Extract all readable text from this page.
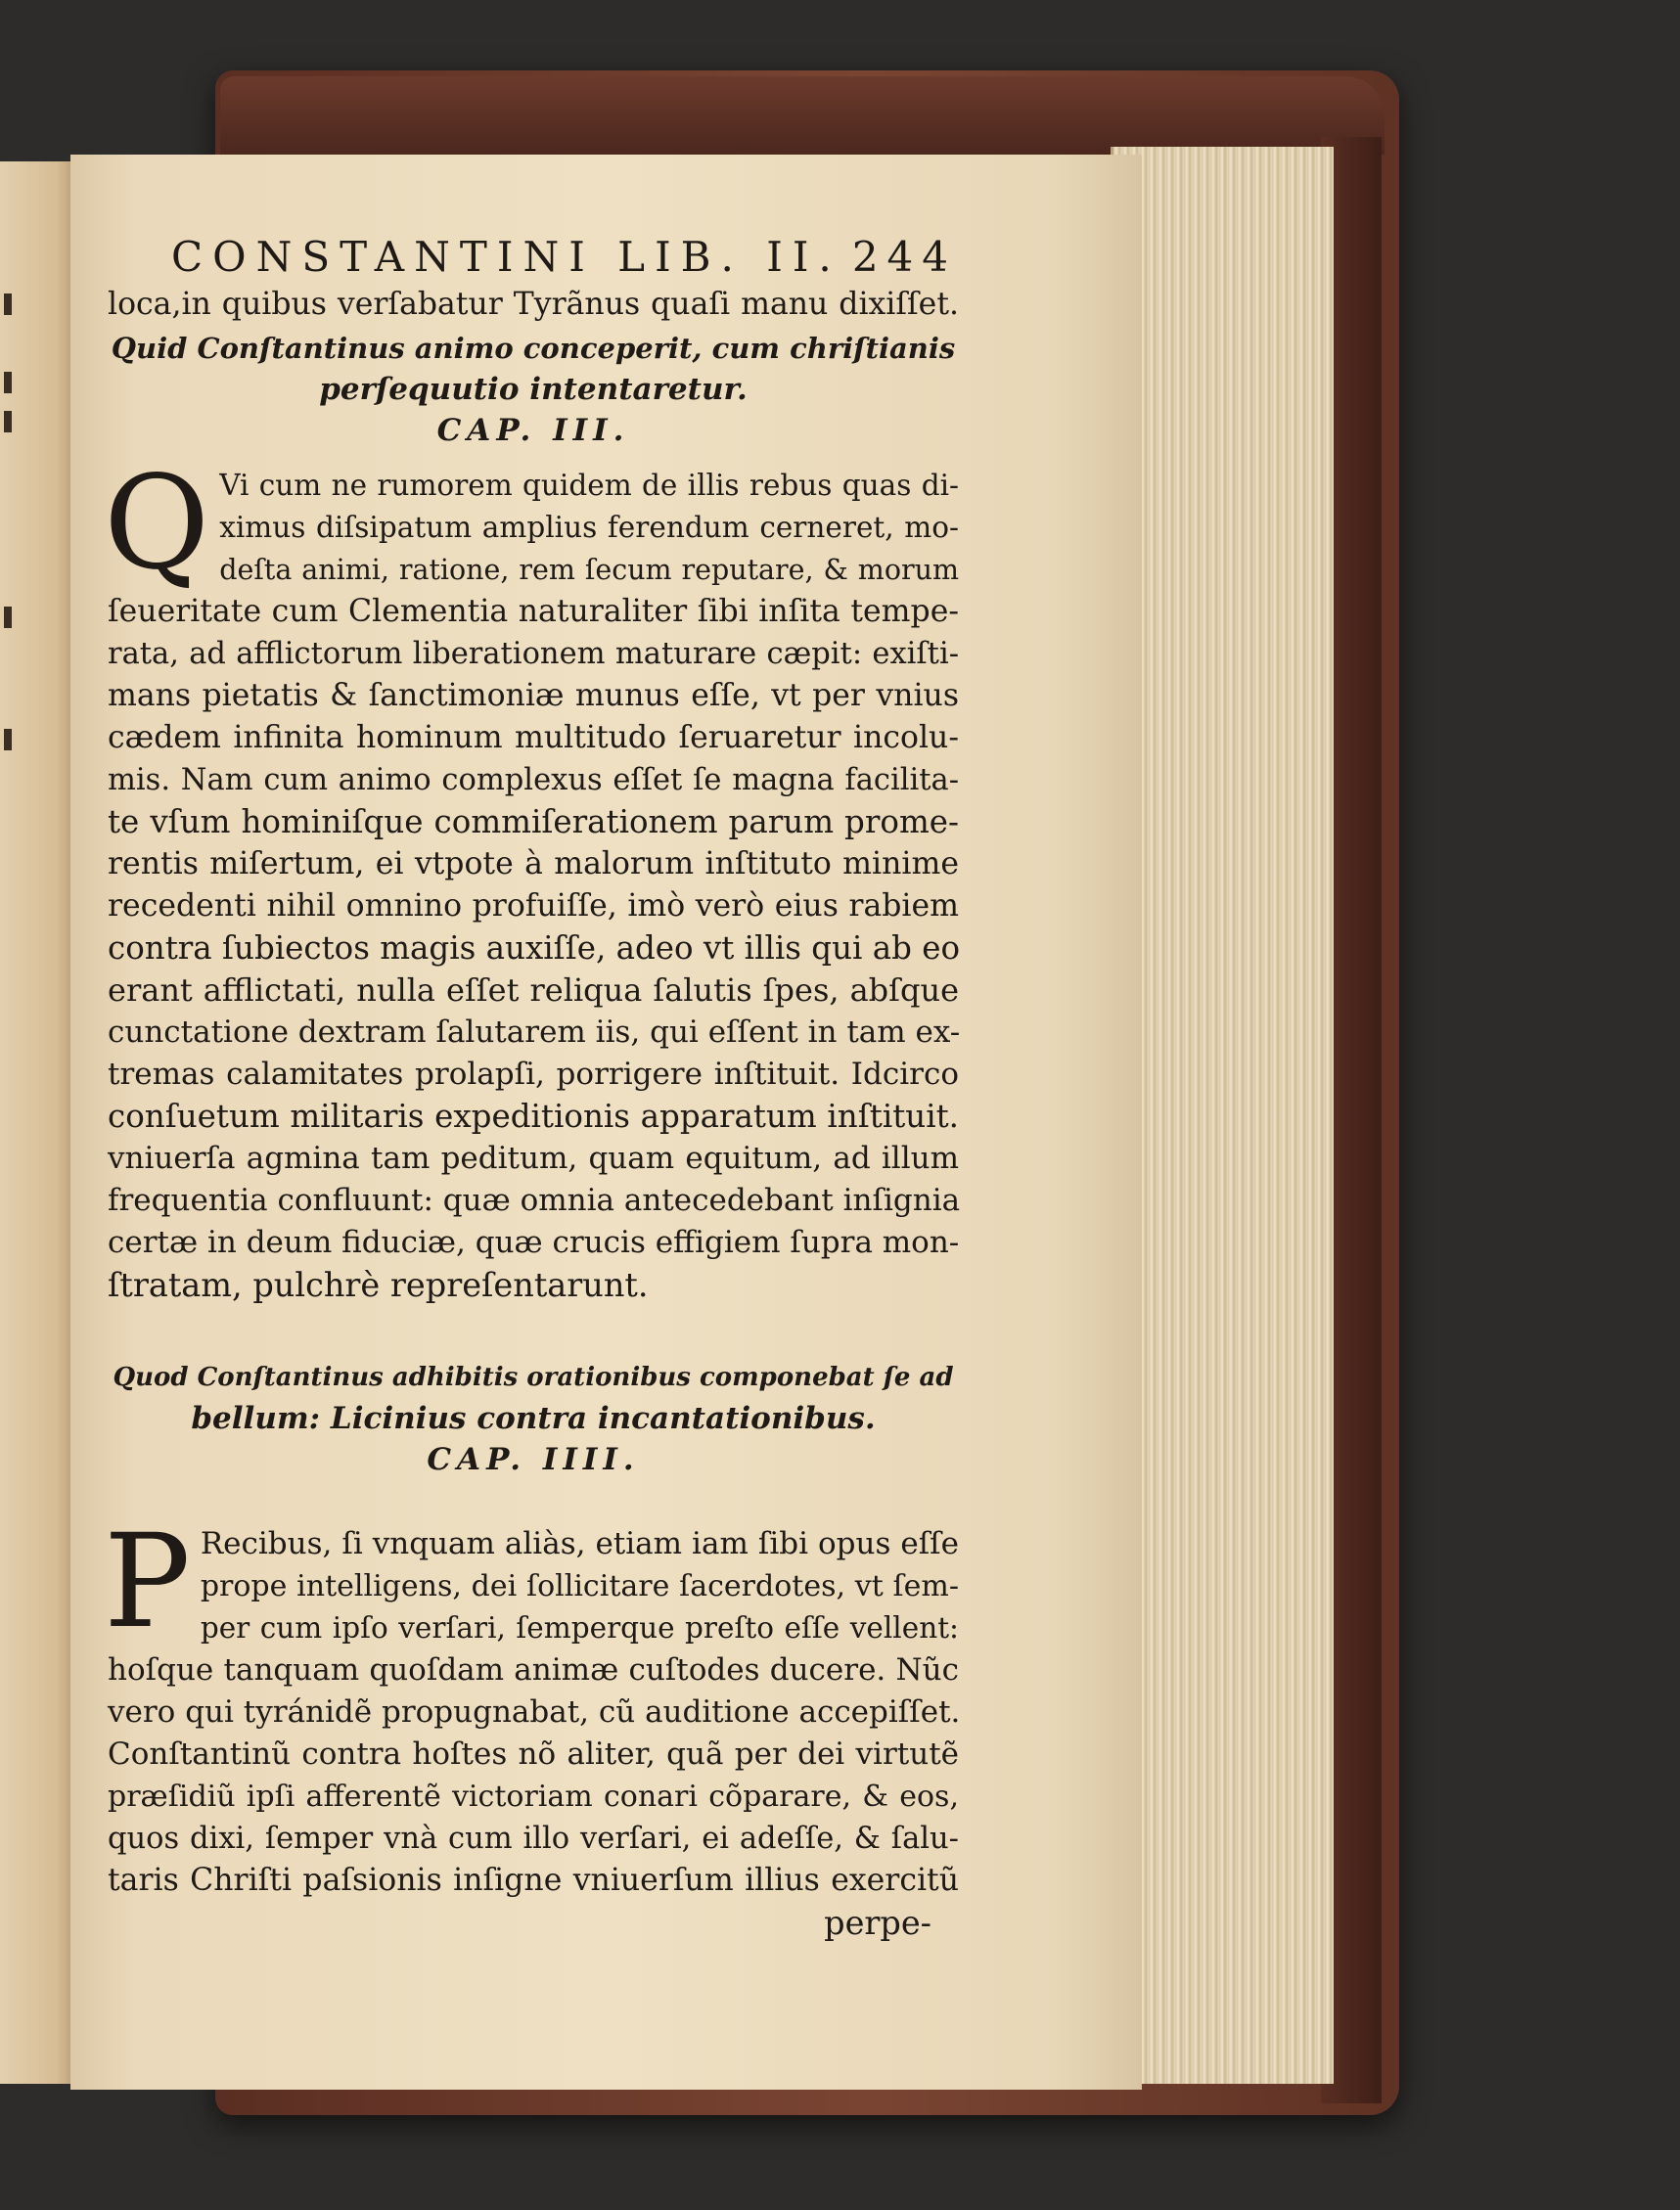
CONSTANTINI LIB. II. 244
loca,in quibus verſabatur Tyrãnus quaſi manu dixiſſet.
Quid Conſtantinus animo conceperit, cum chriſtianis
perſequutio intentaretur.
CAP. III.
Q Vi cum ne rumorem quidem de illis rebus quas di-
ximus diſsipatum amplius ferendum cerneret, mo-
deſta animi, ratione, rem ſecum reputare, & morum
ſeueritate cum Clementia naturaliter ſibi inſita tempe-
rata, ad afflictorum liberationem maturare cæpit: exiſti-
mans pietatis & ſanctimoniæ munus eſſe, vt per vnius
cædem infinita hominum multitudo ſeruaretur incolu-
mis. Nam cum animo complexus eſſet ſe magna facilita-
te vſum hominiſque commiſerationem parum prome-
rentis miſertum, ei vtpote à malorum inſtituto minime
recedenti nihil omnino profuiſſe, imò verò eius rabiem
contra ſubiectos magis auxiſſe, adeo vt illis qui ab eo
erant afflictati, nulla eſſet reliqua ſalutis ſpes, abſque
cunctatione dextram ſalutarem iis, qui eſſent in tam ex-
tremas calamitates prolapſi, porrigere inſtituit. Idcirco
conſuetum militaris expeditionis apparatum inſtituit.
vniuerſa agmina tam peditum, quam equitum, ad illum
frequentia confluunt: quæ omnia antecedebant inſignia
certæ in deum fiduciæ, quæ crucis effigiem ſupra mon-
ſtratam, pulchrè repreſentarunt.
Quod Conſtantinus adhibitis orationibus componebat ſe ad
bellum: Licinius contra incantationibus.
CAP. IIII.
P Recibus, ſi vnquam aliàs, etiam iam ſibi opus eſſe
prope intelligens, dei ſollicitare ſacerdotes, vt ſem-
per cum ipſo verſari, ſemperque preſto eſſe vellent:
hoſque tanquam quoſdam animæ cuſtodes ducere. Nũc
vero qui tyránidẽ propugnabat, cũ auditione accepiſſet.
Conſtantinũ contra hoſtes nõ aliter, quã per dei virtutẽ
præſidiũ ipſi afferentẽ victoriam conari cõparare, & eos,
quos dixi, ſemper vnà cum illo verſari, ei adeſſe, & ſalu-
taris Chriſti paſsionis inſigne vniuerſum illius exercitũ
perpe-
